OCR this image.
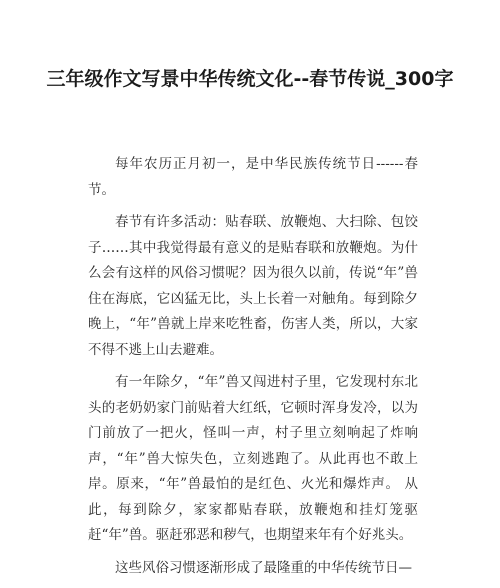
三年级作文写景中华传统文化--春节传说_300字

每年农历正月初一，是中华民族传统节日------春节。

春节有许多活动：贴春联、放鞭炮、大扫除、包饺子……其中我觉得最有意义的是贴春联和放鞭炮。为什么会有这样的风俗习惯呢？因为很久以前，传说“年”兽住在海底，它凶猛无比，头上长着一对触角。每到除夕晚上，“年”兽就上岸来吃牲畜，伤害人类，所以，大家不得不逃上山去避难。

有一年除夕，“年”兽又闯进村子里，它发现村东北头的老奶奶家门前贴着大红纸，它顿时浑身发冷，以为门前放了一把火，怪叫一声，村子里立刻响起了炸响声，“年”兽大惊失色，立刻逃跑了。从此再也不敢上岸。原来，“年”兽最怕的是红色、火光和爆炸声。 从此，每到除夕，家家都贴春联，放鞭炮和挂灯笼驱赶“年”兽。驱赶邪恶和秽气，也期望来年有个好兆头。

这些风俗习惯逐渐形成了最隆重的中华传统节日—
